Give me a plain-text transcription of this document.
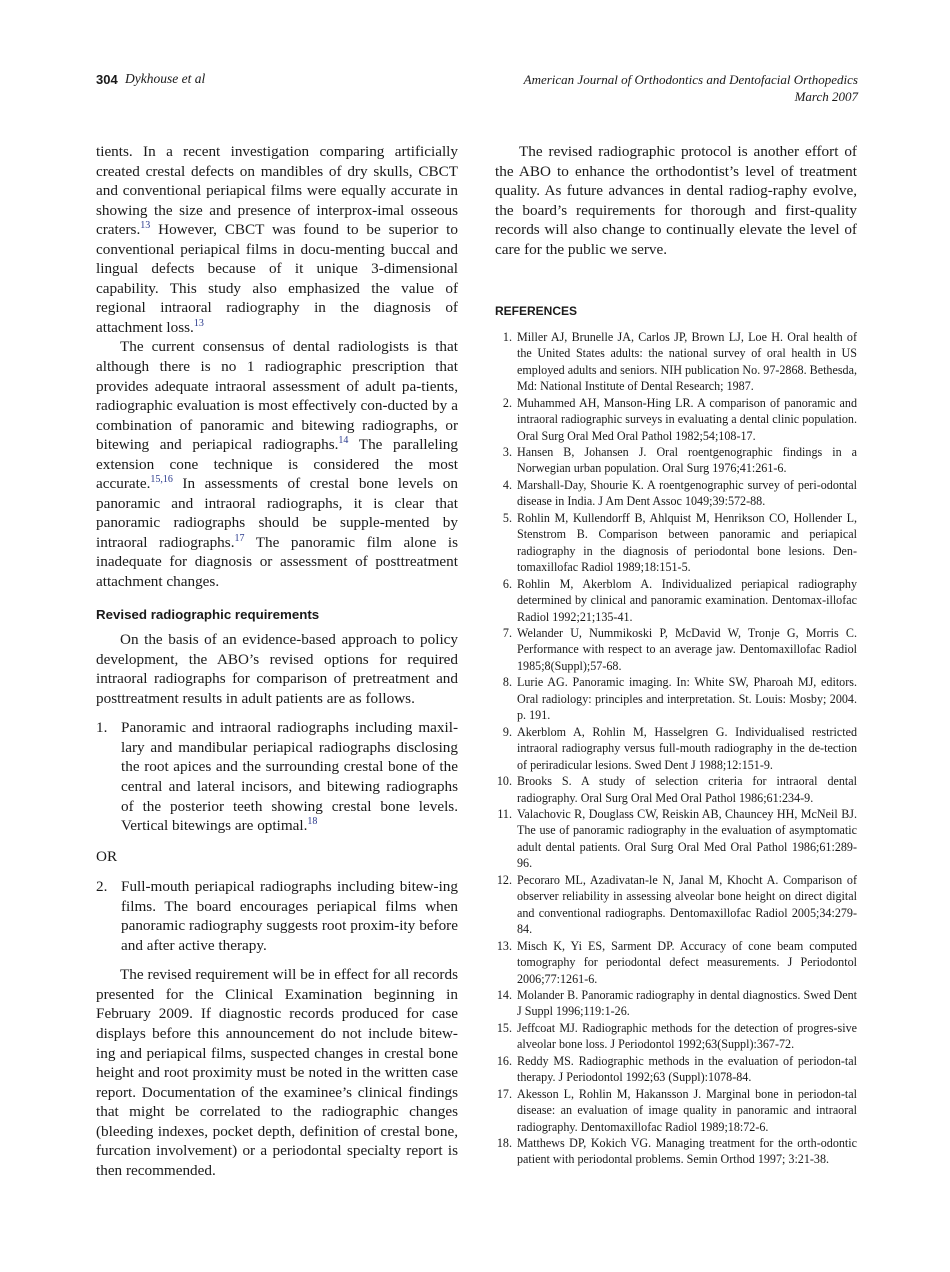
304 Dykhouse et al	American Journal of Orthodontics and Dentofacial Orthopedics
March 2007

tients. In a recent investigation comparing artificially created crestal defects on mandibles of dry skulls, CBCT and conventional periapical films were equally accurate in showing the size and presence of interprox-imal osseous craters.$^{13}$ However, CBCT was found to be superior to conventional periapical films in docu-menting buccal and lingual defects because of it unique 3-dimensional capability. This study also emphasized the value of regional intraoral radiography in the diagnosis of attachment loss.$^{13}$

The current consensus of dental radiologists is that although there is no 1 radiographic prescription that provides adequate intraoral assessment of adult pa-tients, radiographic evaluation is most effectively con-ducted by a combination of panoramic and bitewing radiographs, or bitewing and periapical radiographs.$^{14}$ The paralleling extension cone technique is considered the most accurate.$^{15,16}$ In assessments of crestal bone levels on panoramic and intraoral radiographs, it is clear that panoramic radiographs should be supple-mented by intraoral radiographs.$^{17}$ The panoramic film alone is inadequate for diagnosis or assessment of posttreatment attachment changes.

Revised radiographic requirements

On the basis of an evidence-based approach to policy development, the ABO’s revised options for required intraoral radiographs for comparison of pretreatment and posttreatment results in adult patients are as follows.

1. Panoramic and intraoral radiographs including maxil-lary and mandibular periapical radiographs disclosing the root apices and the surrounding crestal bone of the central and lateral incisors, and bitewing radiographs of the posterior teeth showing crestal bone levels. Vertical bitewings are optimal.$^{18}$

OR

2. Full-mouth periapical radiographs including bitew-ing films. The board encourages periapical films when panoramic radiography suggests root proxim-ity before and after active therapy.

The revised requirement will be in effect for all records presented for the Clinical Examination beginning in February 2009. If diagnostic records produced for case displays before this announcement do not include bitew-ing and periapical films, suspected changes in crestal bone height and root proximity must be noted in the written case report. Documentation of the examinee’s clinical findings that might be correlated to the radiographic changes (bleeding indexes, pocket depth, definition of crestal bone, furcation involvement) or a periodontal specialty report is then recommended.

The revised radiographic protocol is another effort of the ABO to enhance the orthodontist’s level of treatment quality. As future advances in dental radiog-raphy evolve, the board’s requirements for thorough and first-quality records will also change to continually elevate the level of care for the public we serve.

REFERENCES
1. Miller AJ, Brunelle JA, Carlos JP, Brown LJ, Loe H. Oral health of the United States adults: the national survey of oral health in US employed adults and seniors. NIH publication No. 97-2868. Bethesda, Md: National Institute of Dental Research; 1987.
2. Muhammed AH, Manson-Hing LR. A comparison of panoramic and intraoral radiographic surveys in evaluating a dental clinic population. Oral Surg Oral Med Oral Pathol 1982;54;108-17.
3. Hansen B, Johansen J. Oral roentgenographic findings in a Norwegian urban population. Oral Surg 1976;41:261-6.
4. Marshall-Day, Shourie K. A roentgenographic survey of peri-odontal disease in India. J Am Dent Assoc 1049;39:572-88.
5. Rohlin M, Kullendorff B, Ahlquist M, Henrikson CO, Hollender L, Stenstrom B. Comparison between panoramic and periapical radiography in the diagnosis of periodontal bone lesions. Den-tomaxillofac Radiol 1989;18:151-5.
6. Rohlin M, Akerblom A. Individualized periapical radiography determined by clinical and panoramic examination. Dentomax-illofac Radiol 1992;21;135-41.
7. Welander U, Nummikoski P, McDavid W, Tronje G, Morris C. Performance with respect to an average jaw. Dentomaxillofac Radiol 1985;8(Suppl);57-68.
8. Lurie AG. Panoramic imaging. In: White SW, Pharoah MJ, editors. Oral radiology: principles and interpretation. St. Louis: Mosby; 2004. p. 191.
9. Akerblom A, Rohlin M, Hasselgren G. Individualised restricted intraoral radiography versus full-mouth radiography in the de-tection of periradicular lesions. Swed Dent J 1988;12:151-9.
10. Brooks S. A study of selection criteria for intraoral dental radiography. Oral Surg Oral Med Oral Pathol 1986;61:234-9.
11. Valachovic R, Douglass CW, Reiskin AB, Chauncey HH, McNeil BJ. The use of panoramic radiography in the evaluation of asymptomatic adult dental patients. Oral Surg Oral Med Oral Pathol 1986;61:289-96.
12. Pecoraro ML, Azadivatan-le N, Janal M, Khocht A. Comparison of observer reliability in assessing alveolar bone height on direct digital and conventional radiographs. Dentomaxillofac Radiol 2005;34:279-84.
13. Misch K, Yi ES, Sarment DP. Accuracy of cone beam computed tomography for periodontal defect measurements. J Periodontol 2006;77:1261-6.
14. Molander B. Panoramic radiography in dental diagnostics. Swed Dent J Suppl 1996;119:1-26.
15. Jeffcoat MJ. Radiographic methods for the detection of progres-sive alveolar bone loss. J Periodontol 1992;63(Suppl):367-72.
16. Reddy MS. Radiographic methods in the evaluation of periodon-tal therapy. J Periodontol 1992;63 (Suppl):1078-84.
17. Akesson L, Rohlin M, Hakansson J. Marginal bone in periodon-tal disease: an evaluation of image quality in panoramic and intraoral radiography. Dentomaxillofac Radiol 1989;18:72-6.
18. Matthews DP, Kokich VG. Managing treatment for the orth-odontic patient with periodontal problems. Semin Orthod 1997; 3:21-38.
